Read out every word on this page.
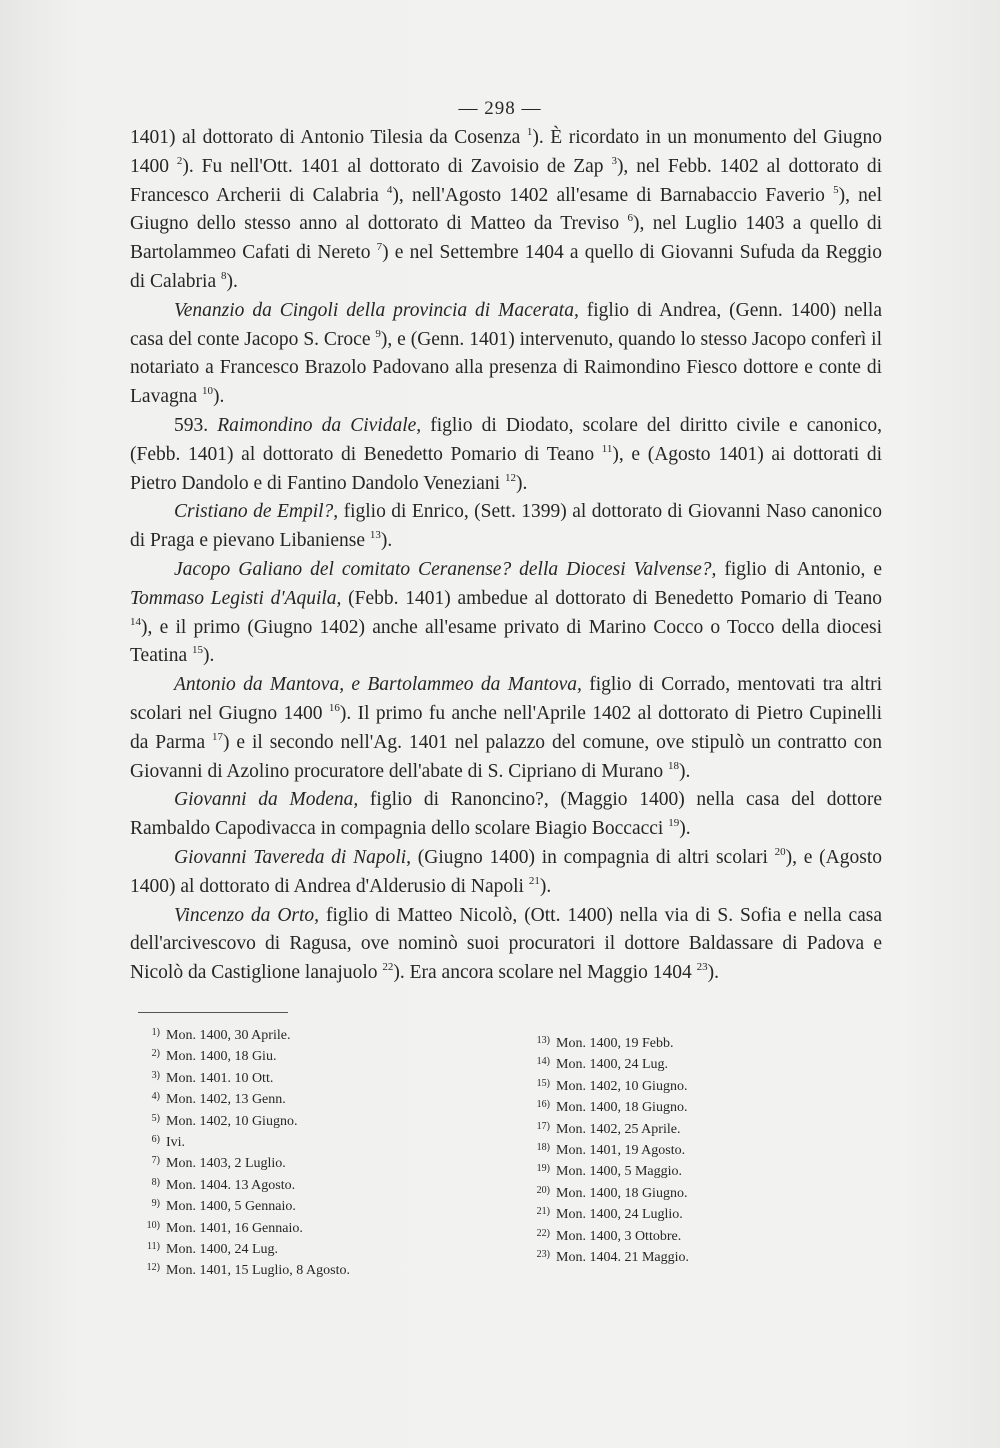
— 298 —

1401) al dottorato di Antonio Tilesia da Cosenza $^1$). È ricordato in un monumento del Giugno 1400 $^2$). Fu nell'Ott. 1401 al dottorato di Zavoisio de Zap $^3$), nel Febb. 1402 al dottorato di Francesco Archerii di Calabria $^4$), nell'Agosto 1402 all'esame di Barnabaccio Faverio $^5$), nel Giugno dello stesso anno al dottorato di Matteo da Treviso $^6$), nel Luglio 1403 a quello di Bartolammeo Cafati di Nereto $^7$) e nel Settembre 1404 a quello di Giovanni Sufuda da Reggio di Calabria $^8$).

Venanzio da Cingoli della provincia di Macerata, figlio di Andrea, (Genn. 1400) nella casa del conte Jacopo S. Croce $^9$), e (Genn. 1401) intervenuto, quando lo stesso Jacopo conferì il notariato a Francesco Brazolo Padovano alla presenza di Raimondino Fiesco dottore e conte di Lavagna $^{10}$).

593. Raimondino da Cividale, figlio di Diodato, scolare del diritto civile e canonico, (Febb. 1401) al dottorato di Benedetto Pomario di Teano $^{11}$), e (Agosto 1401) ai dottorati di Pietro Dandolo e di Fantino Dandolo Veneziani $^{12}$).

Cristiano de Empil?, figlio di Enrico, (Sett. 1399) al dottorato di Giovanni Naso canonico di Praga e pievano Libaniense $^{13}$).

Jacopo Galiano del comitato Ceranense? della Diocesi Valvense?, figlio di Antonio, e Tommaso Legisti d'Aquila, (Febb. 1401) ambedue al dottorato di Benedetto Pomario di Teano $^{14}$), e il primo (Giugno 1402) anche all'esame privato di Marino Cocco o Tocco della diocesi Teatina $^{15}$).

Antonio da Mantova, e Bartolammeo da Mantova, figlio di Corrado, mentovati tra altri scolari nel Giugno 1400 $^{16}$). Il primo fu anche nell'Aprile 1402 al dottorato di Pietro Cupinelli da Parma $^{17}$) e il secondo nell'Ag. 1401 nel palazzo del comune, ove stipulò un contratto con Giovanni di Azolino procuratore dell'abate di S. Cipriano di Murano $^{18}$).

Giovanni da Modena, figlio di Ranoncino?, (Maggio 1400) nella casa del dottore Rambaldo Capodivacca in compagnia dello scolare Biagio Boccacci $^{19}$).

Giovanni Tavereda di Napoli, (Giugno 1400) in compagnia di altri scolari $^{20}$), e (Agosto 1400) al dottorato di Andrea d'Alderusio di Napoli $^{21}$).

Vincenzo da Orto, figlio di Matteo Nicolò, (Ott. 1400) nella via di S. Sofia e nella casa dell'arcivescovo di Ragusa, ove nominò suoi procuratori il dottore Baldassare di Padova e Nicolò da Castiglione lanajuolo $^{22}$). Era ancora scolare nel Maggio 1404 $^{23}$).

1) Mon. 1400, 30 Aprile.
2) Mon. 1400, 18 Giu.
3) Mon. 1401. 10 Ott.
4) Mon. 1402, 13 Genn.
5) Mon. 1402, 10 Giugno.
6) Ivi.
7) Mon. 1403, 2 Luglio.
8) Mon. 1404. 13 Agosto.
9) Mon. 1400, 5 Gennaio.
10) Mon. 1401, 16 Gennaio.
11) Mon. 1400, 24 Lug.
12) Mon. 1401, 15 Luglio, 8 Agosto.
13) Mon. 1400, 19 Febb.
14) Mon. 1400, 24 Lug.
15) Mon. 1402, 10 Giugno.
16) Mon. 1400, 18 Giugno.
17) Mon. 1402, 25 Aprile.
18) Mon. 1401, 19 Agosto.
19) Mon. 1400, 5 Maggio.
20) Mon. 1400, 18 Giugno.
21) Mon. 1400, 24 Luglio.
22) Mon. 1400, 3 Ottobre.
23) Mon. 1404. 21 Maggio.
